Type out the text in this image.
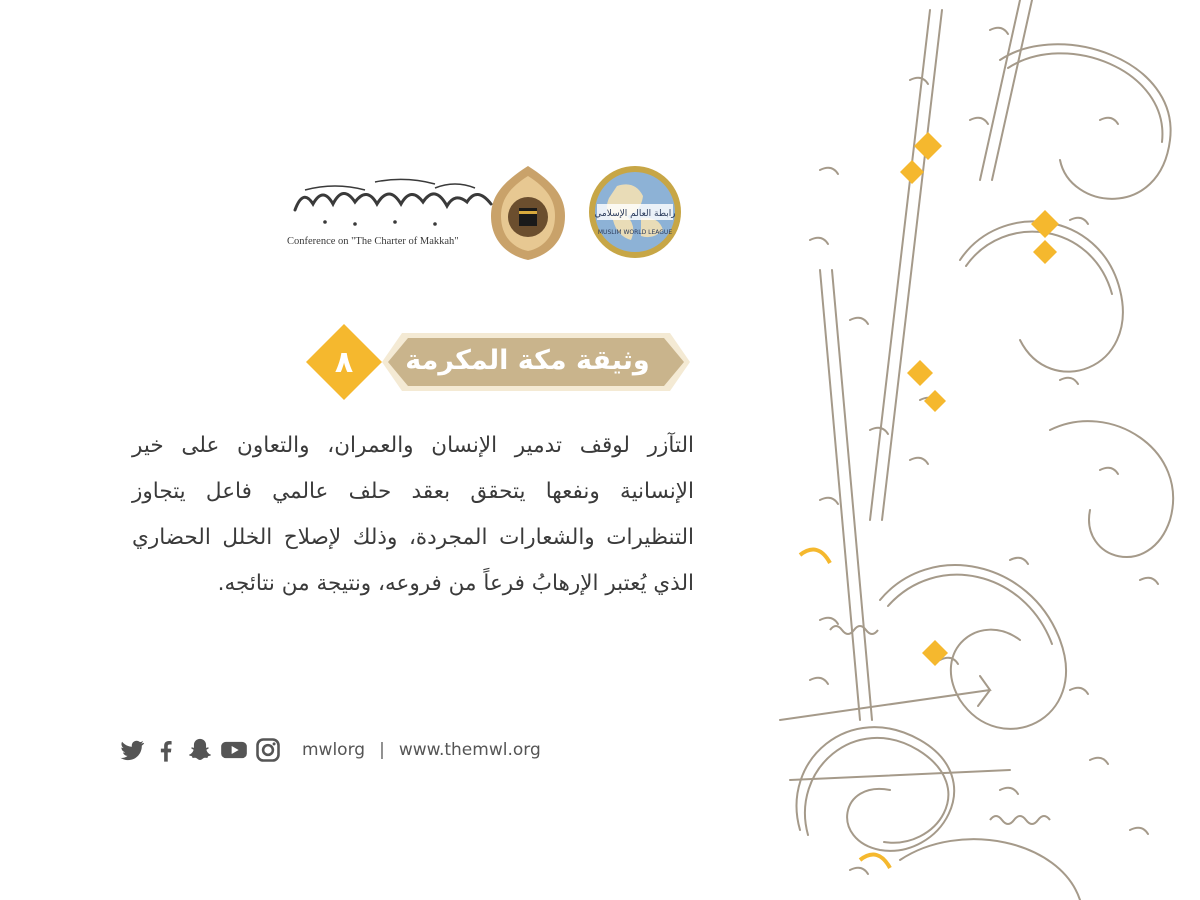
Conference on "The Charter of Makkah"
رابطة العالم الإسلامي
MUSLIM WORLD LEAGUE
وثيقة مكة المكرمة
٨
التآزر لوقف تدمير الإنسان والعمران، والتعاون على خير الإنسانية ونفعها يتحقق بعقد حلف عالمي فاعل يتجاوز التنظيرات والشعارات المجردة، وذلك لإصلاح الخلل الحضاري الذي يُعتبر الإرهابُ فرعاً من فروعه، ونتيجة من نتائجه.
mwlorg | www.themwl.org
